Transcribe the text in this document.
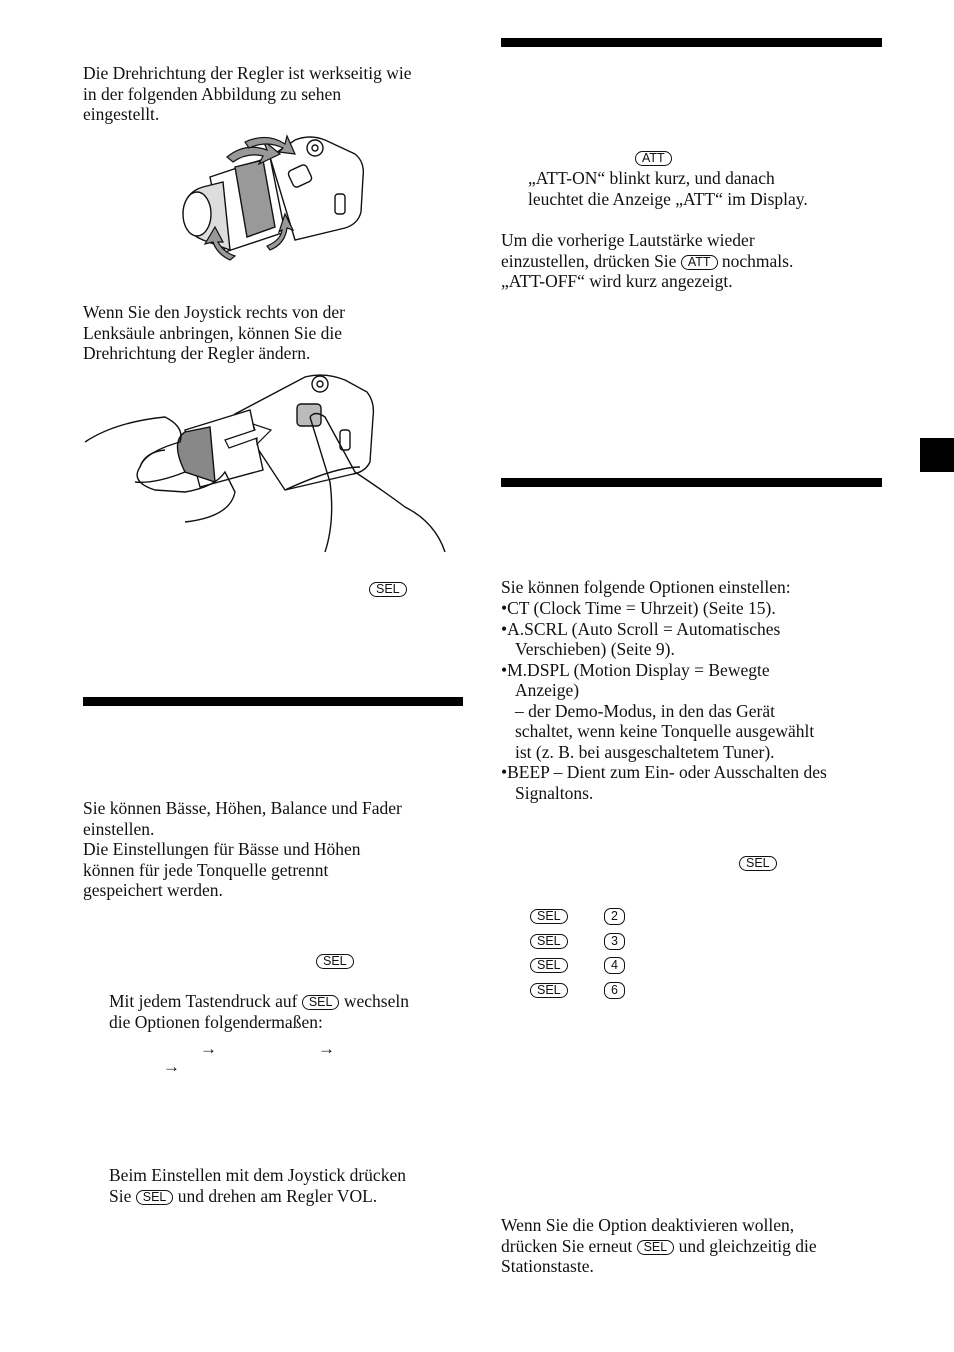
Die Drehrichtung der Regler ist werkseitig wie
in der folgenden Abbildung zu sehen
eingestellt.

Wenn Sie den Joystick rechts von der
Lenksäule anbringen, können Sie die
Drehrichtung der Regler ändern.

SEL

Sie können Bässe, Höhen, Balance und Fader
einstellen.
Die Einstellungen für Bässe und Höhen
können für jede Tonquelle getrennt
gespeichert werden.

SEL

Mit jedem Tastendruck auf SEL wechseln
die Optionen folgendermaßen:

→	→
→

Beim Einstellen mit dem Joystick drücken
Sie SEL und drehen am Regler VOL.

ATT

„ATT-ON“ blinkt kurz, und danach
leuchtet die Anzeige „ATT“ im Display.

Um die vorherige Lautstärke wieder
einzustellen, drücken Sie ATT nochmals.
„ATT-OFF“ wird kurz angezeigt.

Sie können folgende Optionen einstellen:

•CT (Clock Time = Uhrzeit) (Seite 15).
•A.SCRL (Auto Scroll = Automatisches
Verschieben) (Seite 9).
•M.DSPL (Motion Display = Bewegte
Anzeige)
– der Demo-Modus, in den das Gerät
schaltet, wenn keine Tonquelle ausgewählt
ist (z. B. bei ausgeschaltetem Tuner).
•BEEP – Dient zum Ein- oder Ausschalten des
Signaltons.
SEL
SEL	2
SEL	3
SEL	4
SEL	6

Wenn Sie die Option deaktivieren wollen,
drücken Sie erneut SEL und gleichzeitig die
Stationstaste.
